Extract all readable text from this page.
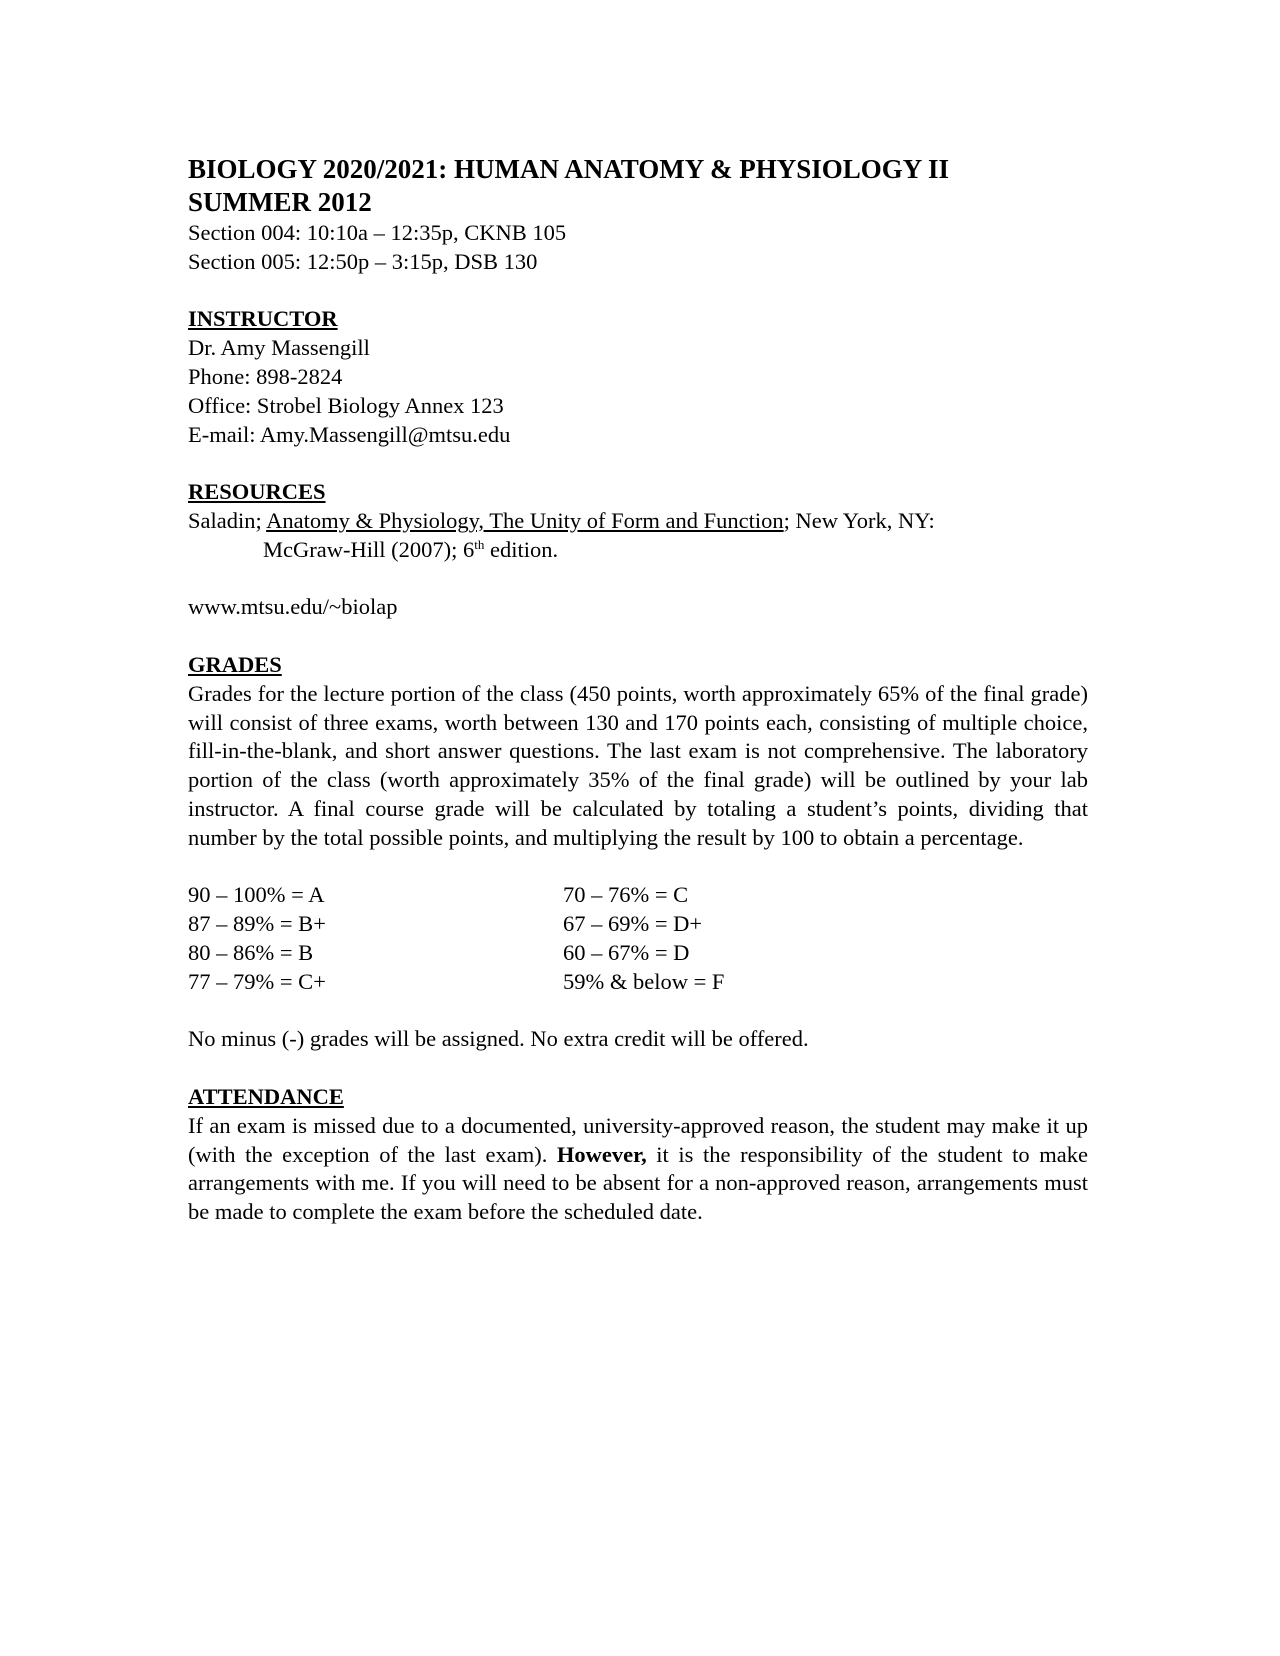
BIOLOGY 2020/2021: HUMAN ANATOMY & PHYSIOLOGY II
SUMMER 2012

Section 004: 10:10a – 12:35p, CKNB 105
Section 005: 12:50p – 3:15p, DSB 130
INSTRUCTOR
Dr. Amy Massengill
Phone: 898-2824
Office: Strobel Biology Annex 123
E-mail: Amy.Massengill@mtsu.edu
RESOURCES
Saladin; Anatomy & Physiology, The Unity of Form and Function; New York, NY:
McGraw-Hill (2007); 6th edition.
www.mtsu.edu/~biolap
GRADES

Grades for the lecture portion of the class (450 points, worth approximately 65% of the final grade) will consist of three exams, worth between 130 and 170 points each, consisting of multiple choice, fill-in-the-blank, and short answer questions. The last exam is not comprehensive. The laboratory portion of the class (worth approximately 35% of the final grade) will be outlined by your lab instructor. A final course grade will be calculated by totaling a student’s points, dividing that number by the total possible points, and multiplying the result by 100 to obtain a percentage.

90 – 100% = A	70 – 76% = C
87 – 89% = B+	67 – 69% = D+
80 – 86% = B	60 – 67% = D
77 – 79% = C+	59% & below = F
No minus (-) grades will be assigned. No extra credit will be offered.
ATTENDANCE

If an exam is missed due to a documented, university-approved reason, the student may make it up (with the exception of the last exam). However, it is the responsibility of the student to make arrangements with me. If you will need to be absent for a non-approved reason, arrangements must be made to complete the exam before the scheduled date.
